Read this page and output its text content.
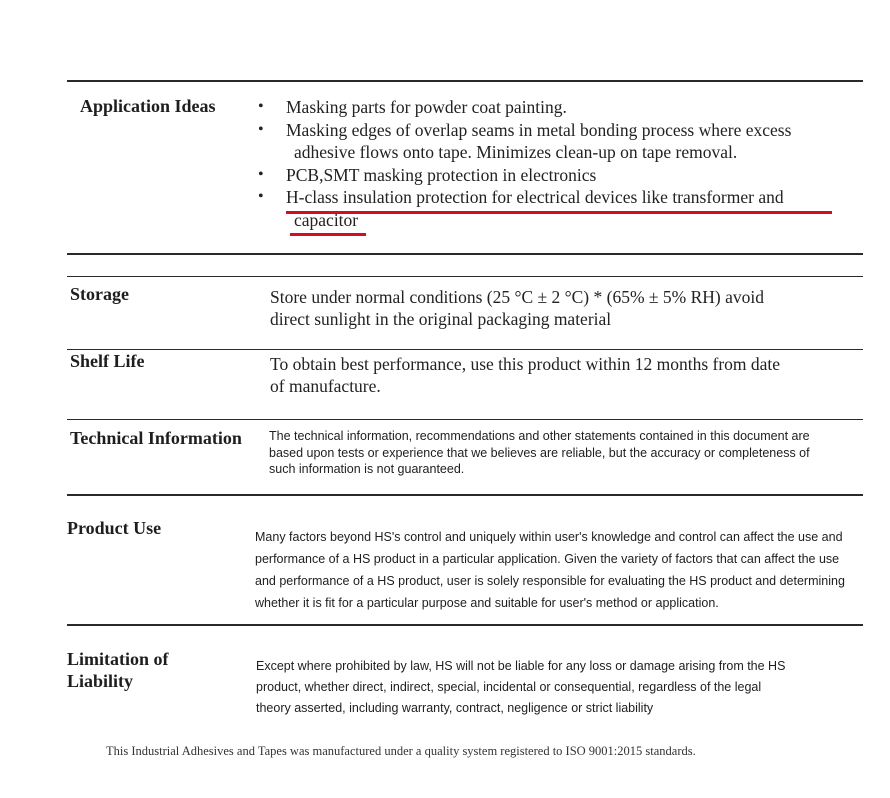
Application Ideas
•	Masking parts for powder coat painting.
• Masking edges of overlap seams in metal bonding process where excess
adhesive flows onto tape. Minimizes clean-up on tape removal.
• PCB,SMT masking protection in electronics
• H-class insulation protection for electrical devices like transformer and
capacitor
Storage	Store under normal conditions (25 °C ± 2 °C) * (65% ± 5% RH) avoid
direct sunlight in the original packaging material
Shelf Life	To obtain best performance, use this product within 12 months from date
of manufacture.
Technical Information The technical information, recommendations and other statements contained in this document are
based upon tests or experience that we believes are reliable, but the accuracy or completeness of
such information is not guaranteed.
Product Use	Many factors beyond HS's control and uniquely within user's knowledge and control can affect the use and
performance of a HS product in a particular application. Given the variety of factors that can affect the use
and performance of a HS product, user is solely responsible for evaluating the HS product and determining
whether it is fit for a particular purpose and suitable for user's method or application.
Limitation of
Liability
Except where prohibited by law, HS will not be liable for any loss or damage arising from the HS
product, whether direct, indirect, special, incidental or consequential, regardless of the legal
theory asserted, including warranty, contract, negligence or strict liability
This Industrial Adhesives and Tapes was manufactured under a quality system registered to ISO 9001:2015 standards.
